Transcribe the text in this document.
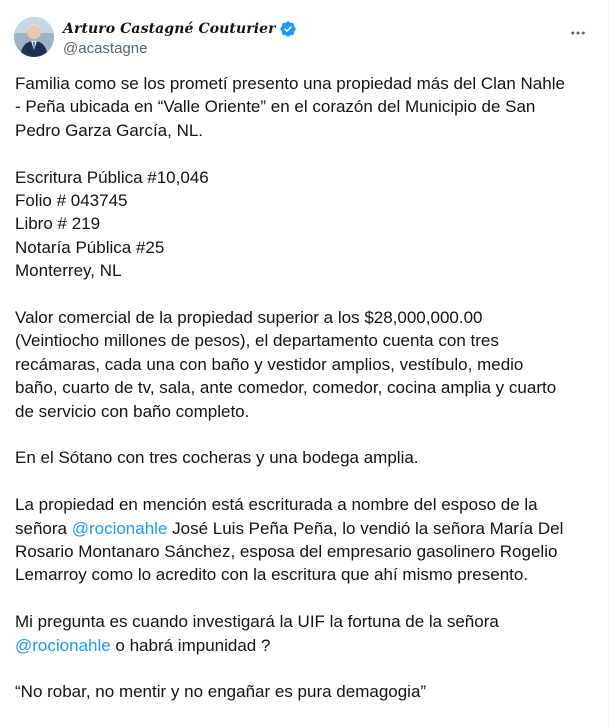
Arturo Castagné Couturier
@acastagne

Familia como se los prometí presento una propiedad más del Clan Nahle
- Peña ubicada en “Valle Oriente” en el corazón del Municipio de San
Pedro Garza García, NL.

Escritura Pública #10,046
Folio # 043745
Libro # 219
Notaría Pública #25
Monterrey, NL

Valor comercial de la propiedad superior a los $28,000,000.00
(Veintiocho millones de pesos), el departamento cuenta con tres
recámaras, cada una con baño y vestidor amplios, vestíbulo, medio
baño, cuarto de tv, sala, ante comedor, comedor, cocina amplia y cuarto
de servicio con baño completo.

En el Sótano con tres cocheras y una bodega amplia.

La propiedad en mención está escriturada a nombre del esposo de la
señora @rocionahle José Luis Peña Peña, lo vendió la señora María Del
Rosario Montanaro Sánchez, esposa del empresario gasolinero Rogelio
Lemarroy como lo acredito con la escritura que ahí mismo presento.

Mi pregunta es cuando investigará la UIF la fortuna de la señora
@rocionahle o habrá impunidad ?

“No robar, no mentir y no engañar es pura demagogia”
